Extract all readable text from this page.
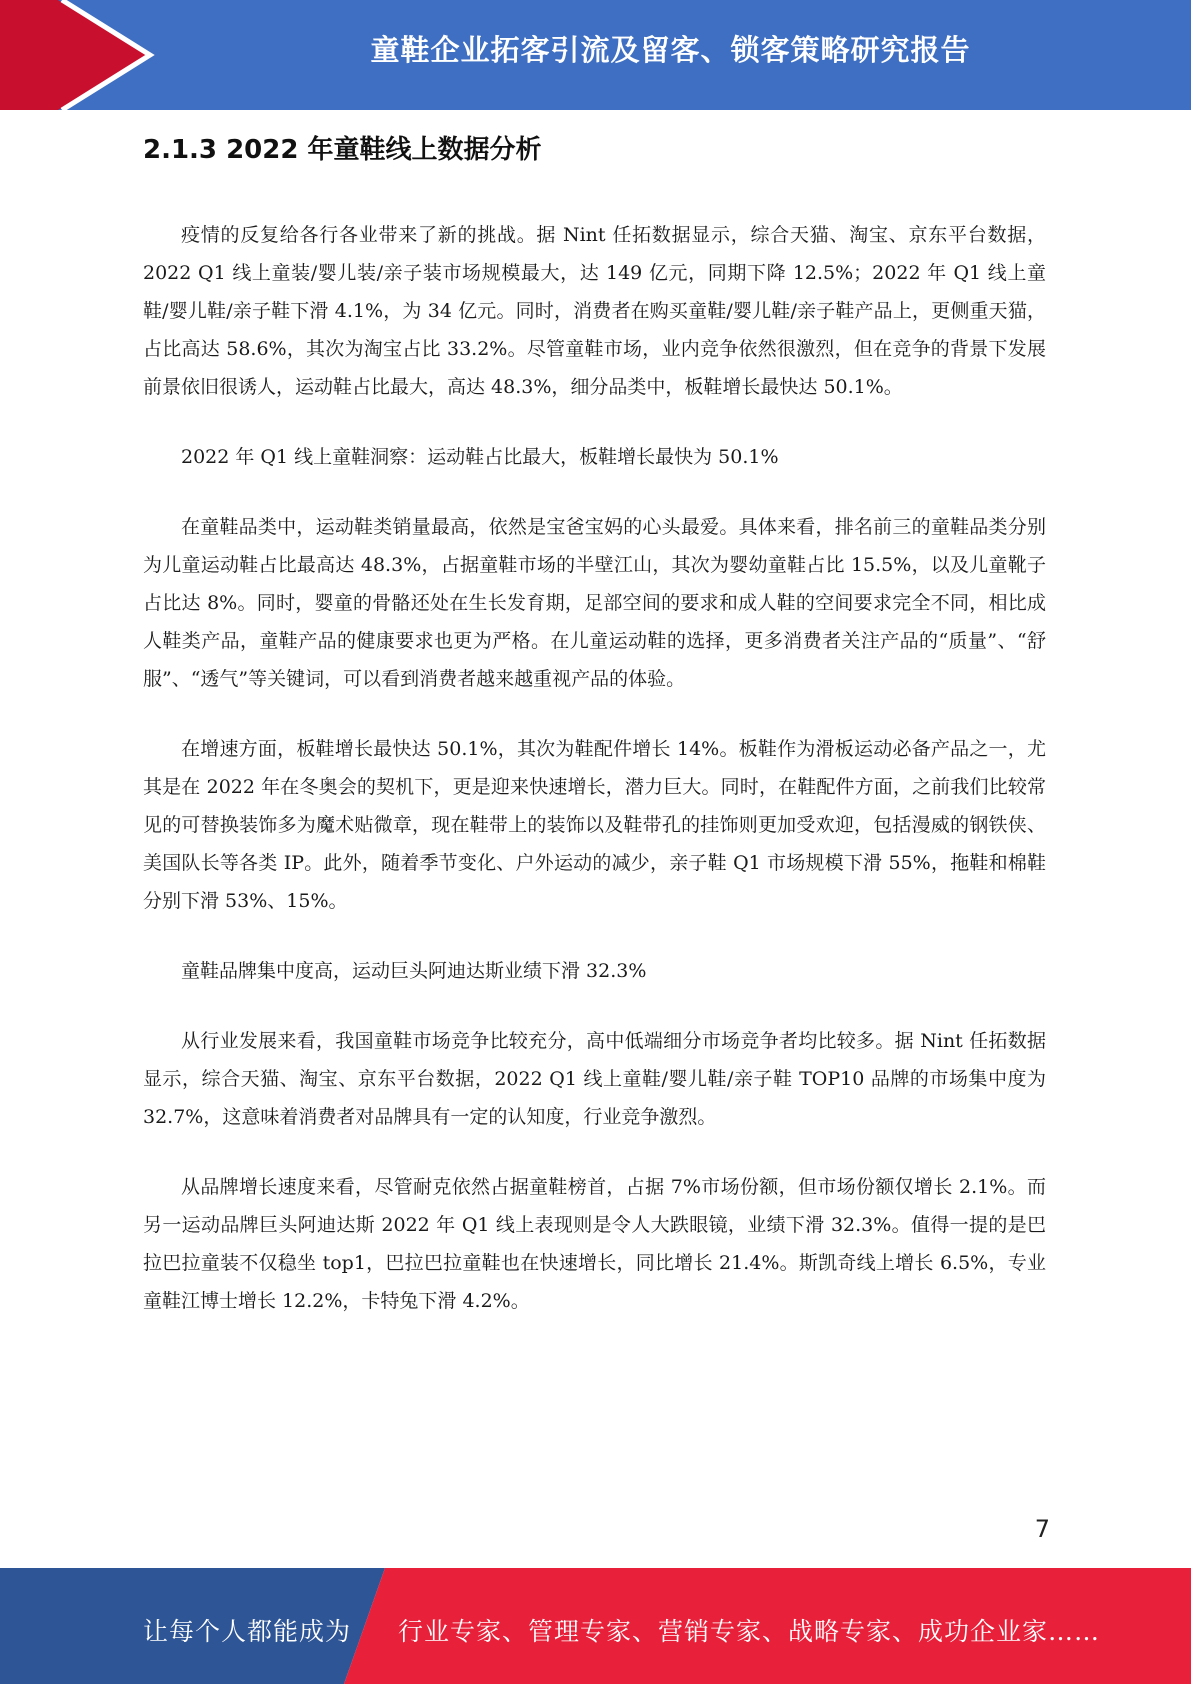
童鞋企业拓客引流及留客、锁客策略研究报告
2.1.3 2022 年童鞋线上数据分析

疫情的反复给各行各业带来了新的挑战。据 Nint 任拓数据显示，综合天猫、淘宝、京东平台数据，2022 Q1 线上童装/婴儿装/亲子装市场规模最大，达 149 亿元，同期下降 12.5%；2022 年 Q1 线上童鞋/婴儿鞋/亲子鞋下滑 4.1%，为 34 亿元。同时，消费者在购买童鞋/婴儿鞋/亲子鞋产品上，更侧重天猫，占比高达 58.6%，其次为淘宝占比 33.2%。尽管童鞋市场，业内竞争依然很激烈，但在竞争的背景下发展前景依旧很诱人，运动鞋占比最大，高达 48.3%，细分品类中，板鞋增长最快达 50.1%。

2022 年 Q1 线上童鞋洞察：运动鞋占比最大，板鞋增长最快为 50.1%

在童鞋品类中，运动鞋类销量最高，依然是宝爸宝妈的心头最爱。具体来看，排名前三的童鞋品类分别为儿童运动鞋占比最高达 48.3%，占据童鞋市场的半壁江山，其次为婴幼童鞋占比 15.5%，以及儿童靴子占比达 8%。同时，婴童的骨骼还处在生长发育期，足部空间的要求和成人鞋的空间要求完全不同，相比成人鞋类产品，童鞋产品的健康要求也更为严格。在儿童运动鞋的选择，更多消费者关注产品的“质量”、“舒服”、“透气”等关键词，可以看到消费者越来越重视产品的体验。

在增速方面，板鞋增长最快达 50.1%，其次为鞋配件增长 14%。板鞋作为滑板运动必备产品之一，尤其是在 2022 年在冬奥会的契机下，更是迎来快速增长，潜力巨大。同时，在鞋配件方面，之前我们比较常见的可替换装饰多为魔术贴微章，现在鞋带上的装饰以及鞋带孔的挂饰则更加受欢迎，包括漫威的钢铁侠、美国队长等各类 IP。此外，随着季节变化、户外运动的减少，亲子鞋 Q1 市场规模下滑 55%，拖鞋和棉鞋分别下滑 53%、15%。

童鞋品牌集中度高，运动巨头阿迪达斯业绩下滑 32.3%

从行业发展来看，我国童鞋市场竞争比较充分，高中低端细分市场竞争者均比较多。据 Nint 任拓数据显示，综合天猫、淘宝、京东平台数据，2022 Q1 线上童鞋/婴儿鞋/亲子鞋 TOP10 品牌的市场集中度为 32.7%，这意味着消费者对品牌具有一定的认知度，行业竞争激烈。

从品牌增长速度来看，尽管耐克依然占据童鞋榜首，占据 7%市场份额，但市场份额仅增长 2.1%。而另一运动品牌巨头阿迪达斯 2022 年 Q1 线上表现则是令人大跌眼镜，业绩下滑 32.3%。值得一提的是巴拉巴拉童装不仅稳坐 top1，巴拉巴拉童鞋也在快速增长，同比增长 21.4%。斯凯奇线上增长 6.5%，专业童鞋江博士增长 12.2%，卡特兔下滑 4.2%。

7
让每个人都能成为 行业专家、管理专家、营销专家、战略专家、成功企业家……
